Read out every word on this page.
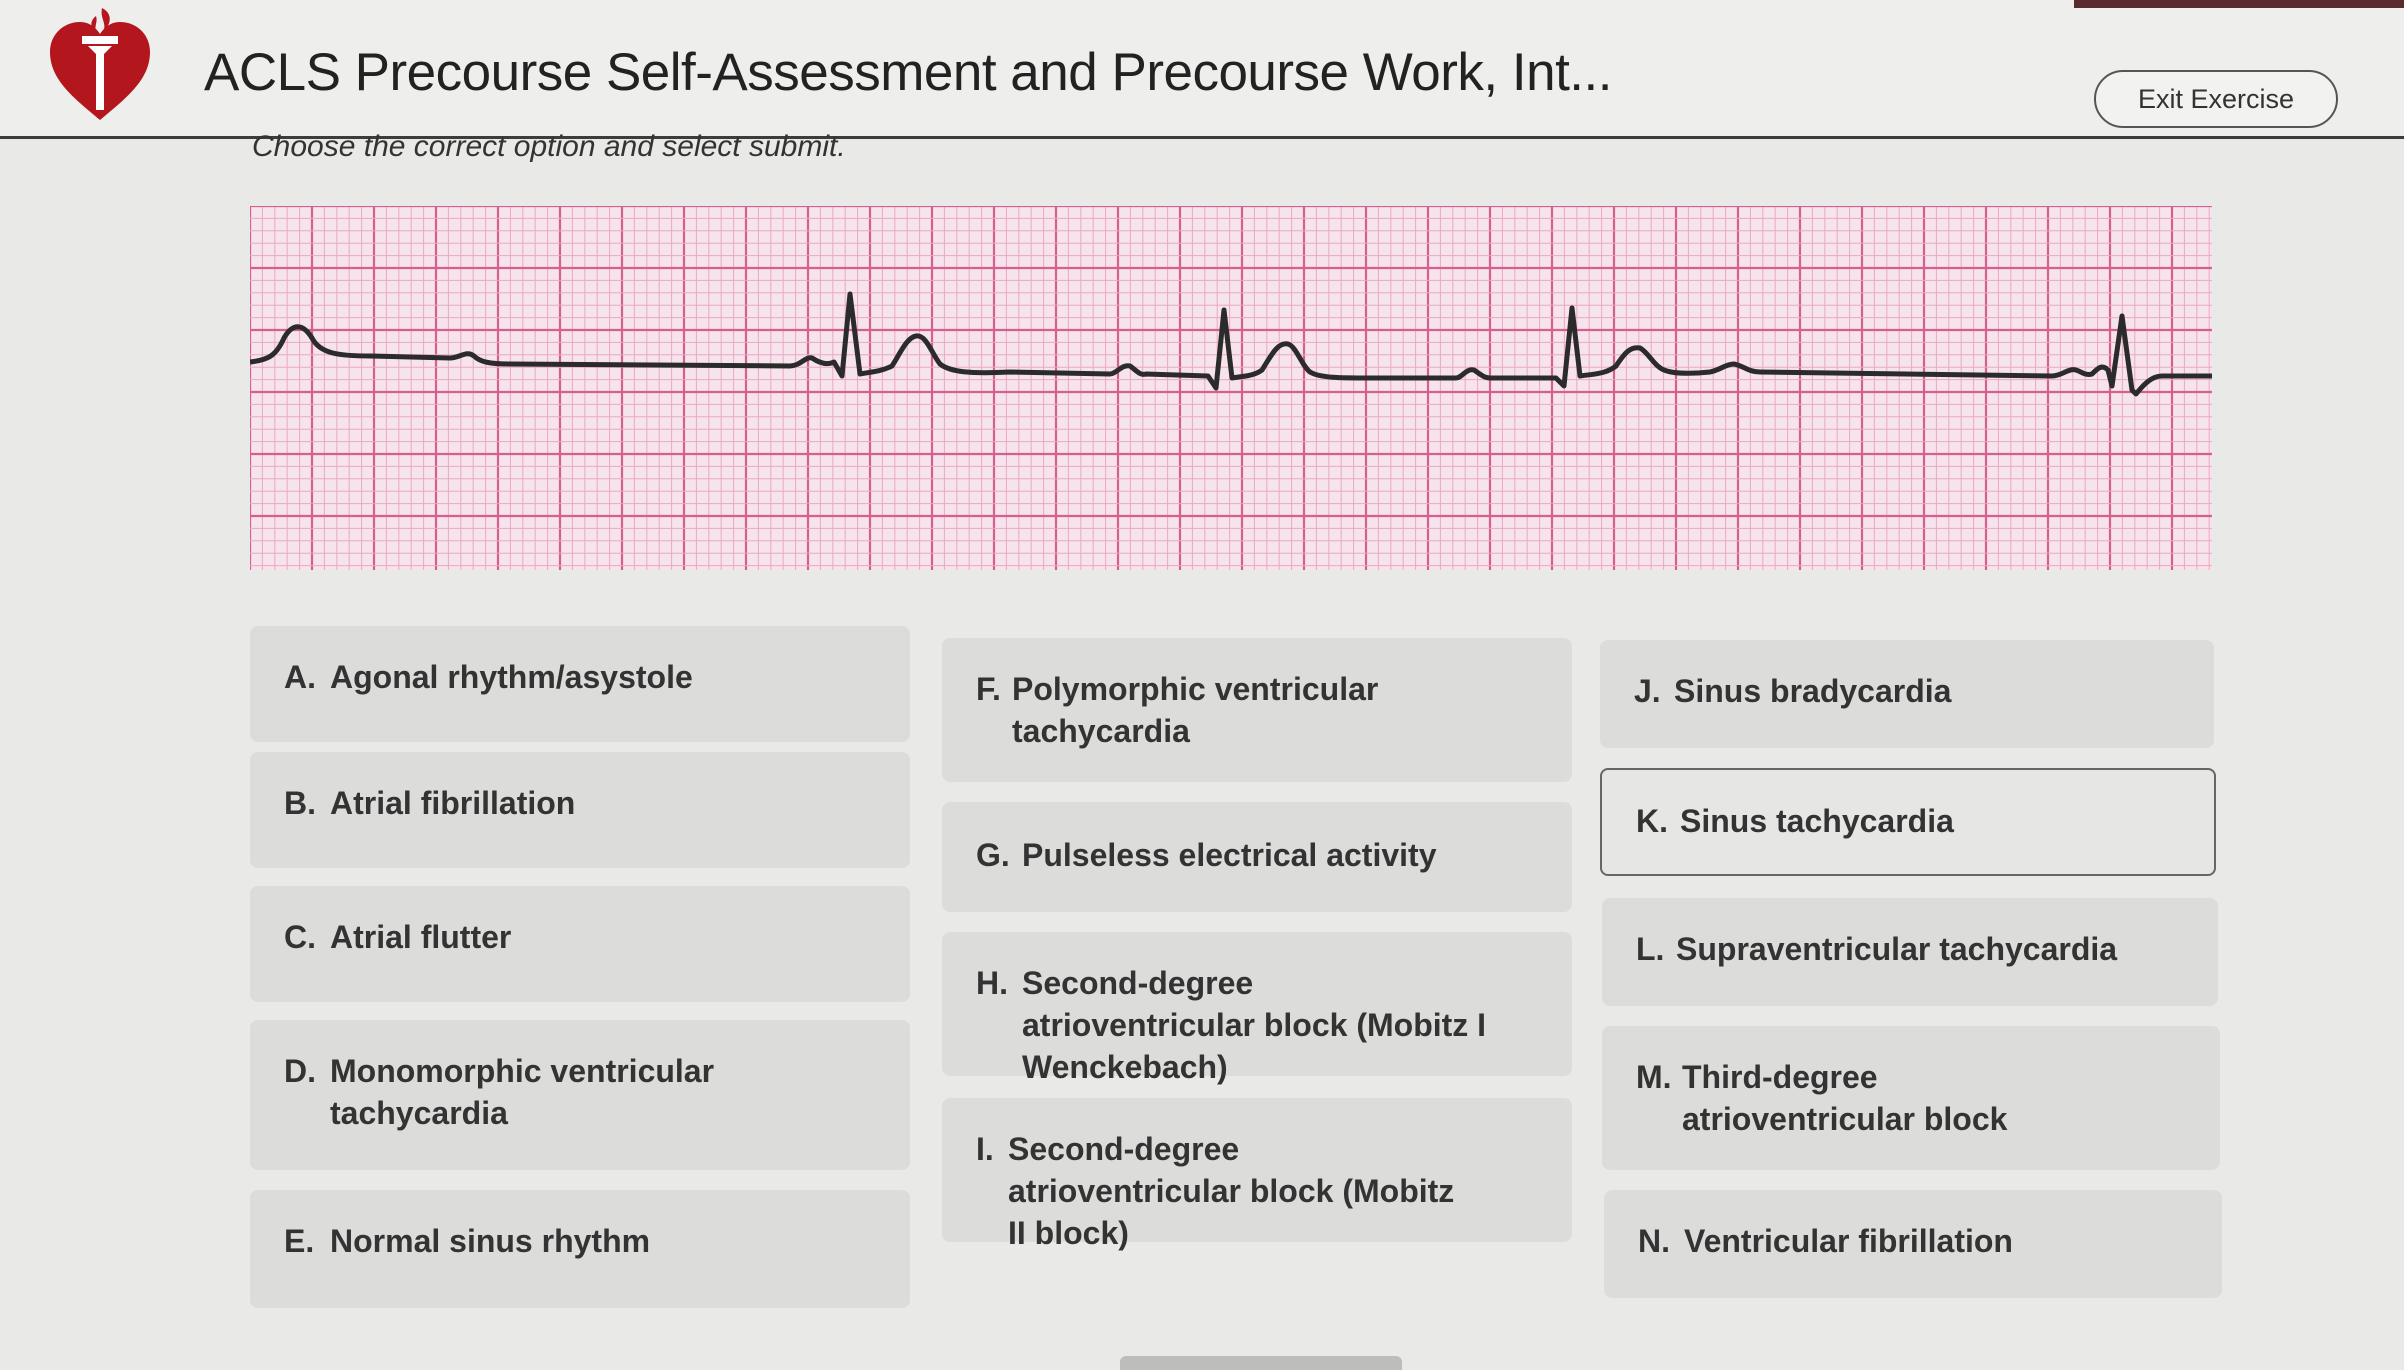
ACLS Precourse Self-Assessment and Precourse Work, Int...	Exit Exercise
Choose the correct option and select submit.
A. Agonal rhythm/asystole
B. Atrial fibrillation
C. Atrial flutter
D. Monomorphic ventricular tachycardia
E. Normal sinus rhythm
F. Polymorphic ventricular tachycardia
G. Pulseless electrical activity
H. Second-degree atrioventricular block (Mobitz I Wenckebach)
I. Second-degree atrioventricular block (Mobitz II block)
J. Sinus bradycardia
K. Sinus tachycardia
L. Supraventricular tachycardia
M. Third-degree atrioventricular block
N. Ventricular fibrillation
